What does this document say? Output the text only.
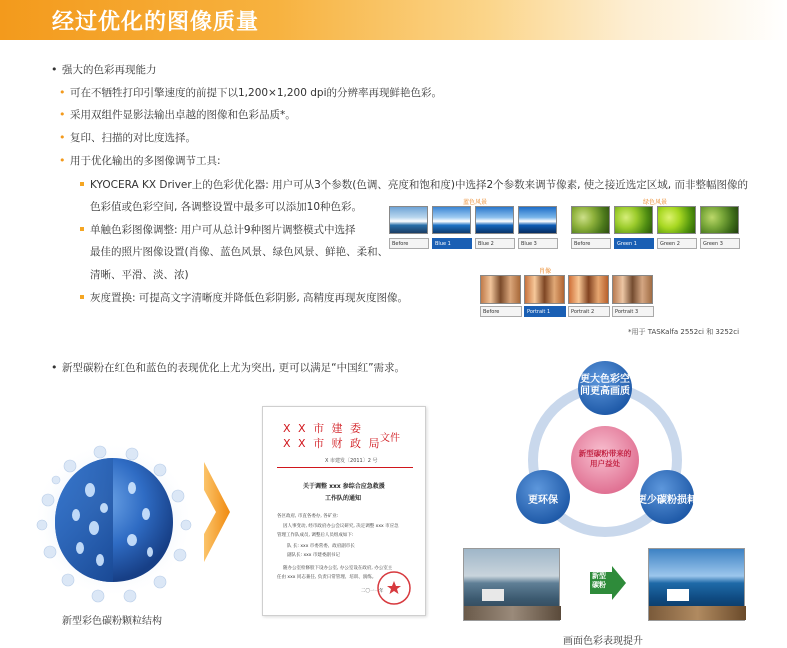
经过优化的图像质量
• 强大的色彩再现能力
• 可在不牺牲打印引擎速度的前提下以1,200×1,200 dpi的分辨率再现鲜艳色彩。
• 采用双组件显影法输出卓越的图像和色彩品质*。
• 复印、扫描的对比度选择。
• 用于优化输出的多图像调节工具:
KYOCERA KX Driver上的色彩优化器: 用户可从3个参数(色调、亮度和饱和度)中选择2个参数来调节像素, 使之接近选定区域, 而非整幅图像的
色彩值或色彩空间, 各调整设置中最多可以添加10种色彩。
单触色彩图像调整: 用户可从总计9种图片调整模式中选择
最佳的照片图像设置(肖像、蓝色风景、绿色风景、鲜艳、柔和、
清晰、平滑、淡、浓)
灰度置换: 可提高文字清晰度并降低色彩阴影, 高精度再现灰度图像。
蓝色风景
Before	Blue 1	Blue 2	Blue 3
绿色风景
Before	Green 1	Green 2	Green 3
肖像
Before	Portrait 1	Portrait 2	Portrait 3
*用于 TASKalfa 2552ci 和 3252ci
• 新型碳粉在红色和蓝色的表现优化上尤为突出, 更可以满足“中国红”需求。
新型彩色碳粉颗粒结构
X X 市 建 委
X X 市 财 政 局
文件
X 市建发〔2011〕2 号
关于调整 xxx 参综合应急救援
工作队的通知
各区政府, 市直各委办, 各矿业:
因人事变动, 经市政府办公会议研究, 决定调整 xxx 市应急
管理工作队成员, 调整后人员组成如下:
队 长: xxx 市委常委、政府副市长
副队长: xxx 市建委副书记
随办公室检修股下设办公室, 办公室设在政府, 办公室主
任由 xxx 同志兼任, 负责日常管理、培训、演练。
二〇一一年
新型碳粉带来的
用户益处
更大色彩空
间更高画质
更环保	更少碳粉损耗
新型
碳粉
画面色彩表现提升
